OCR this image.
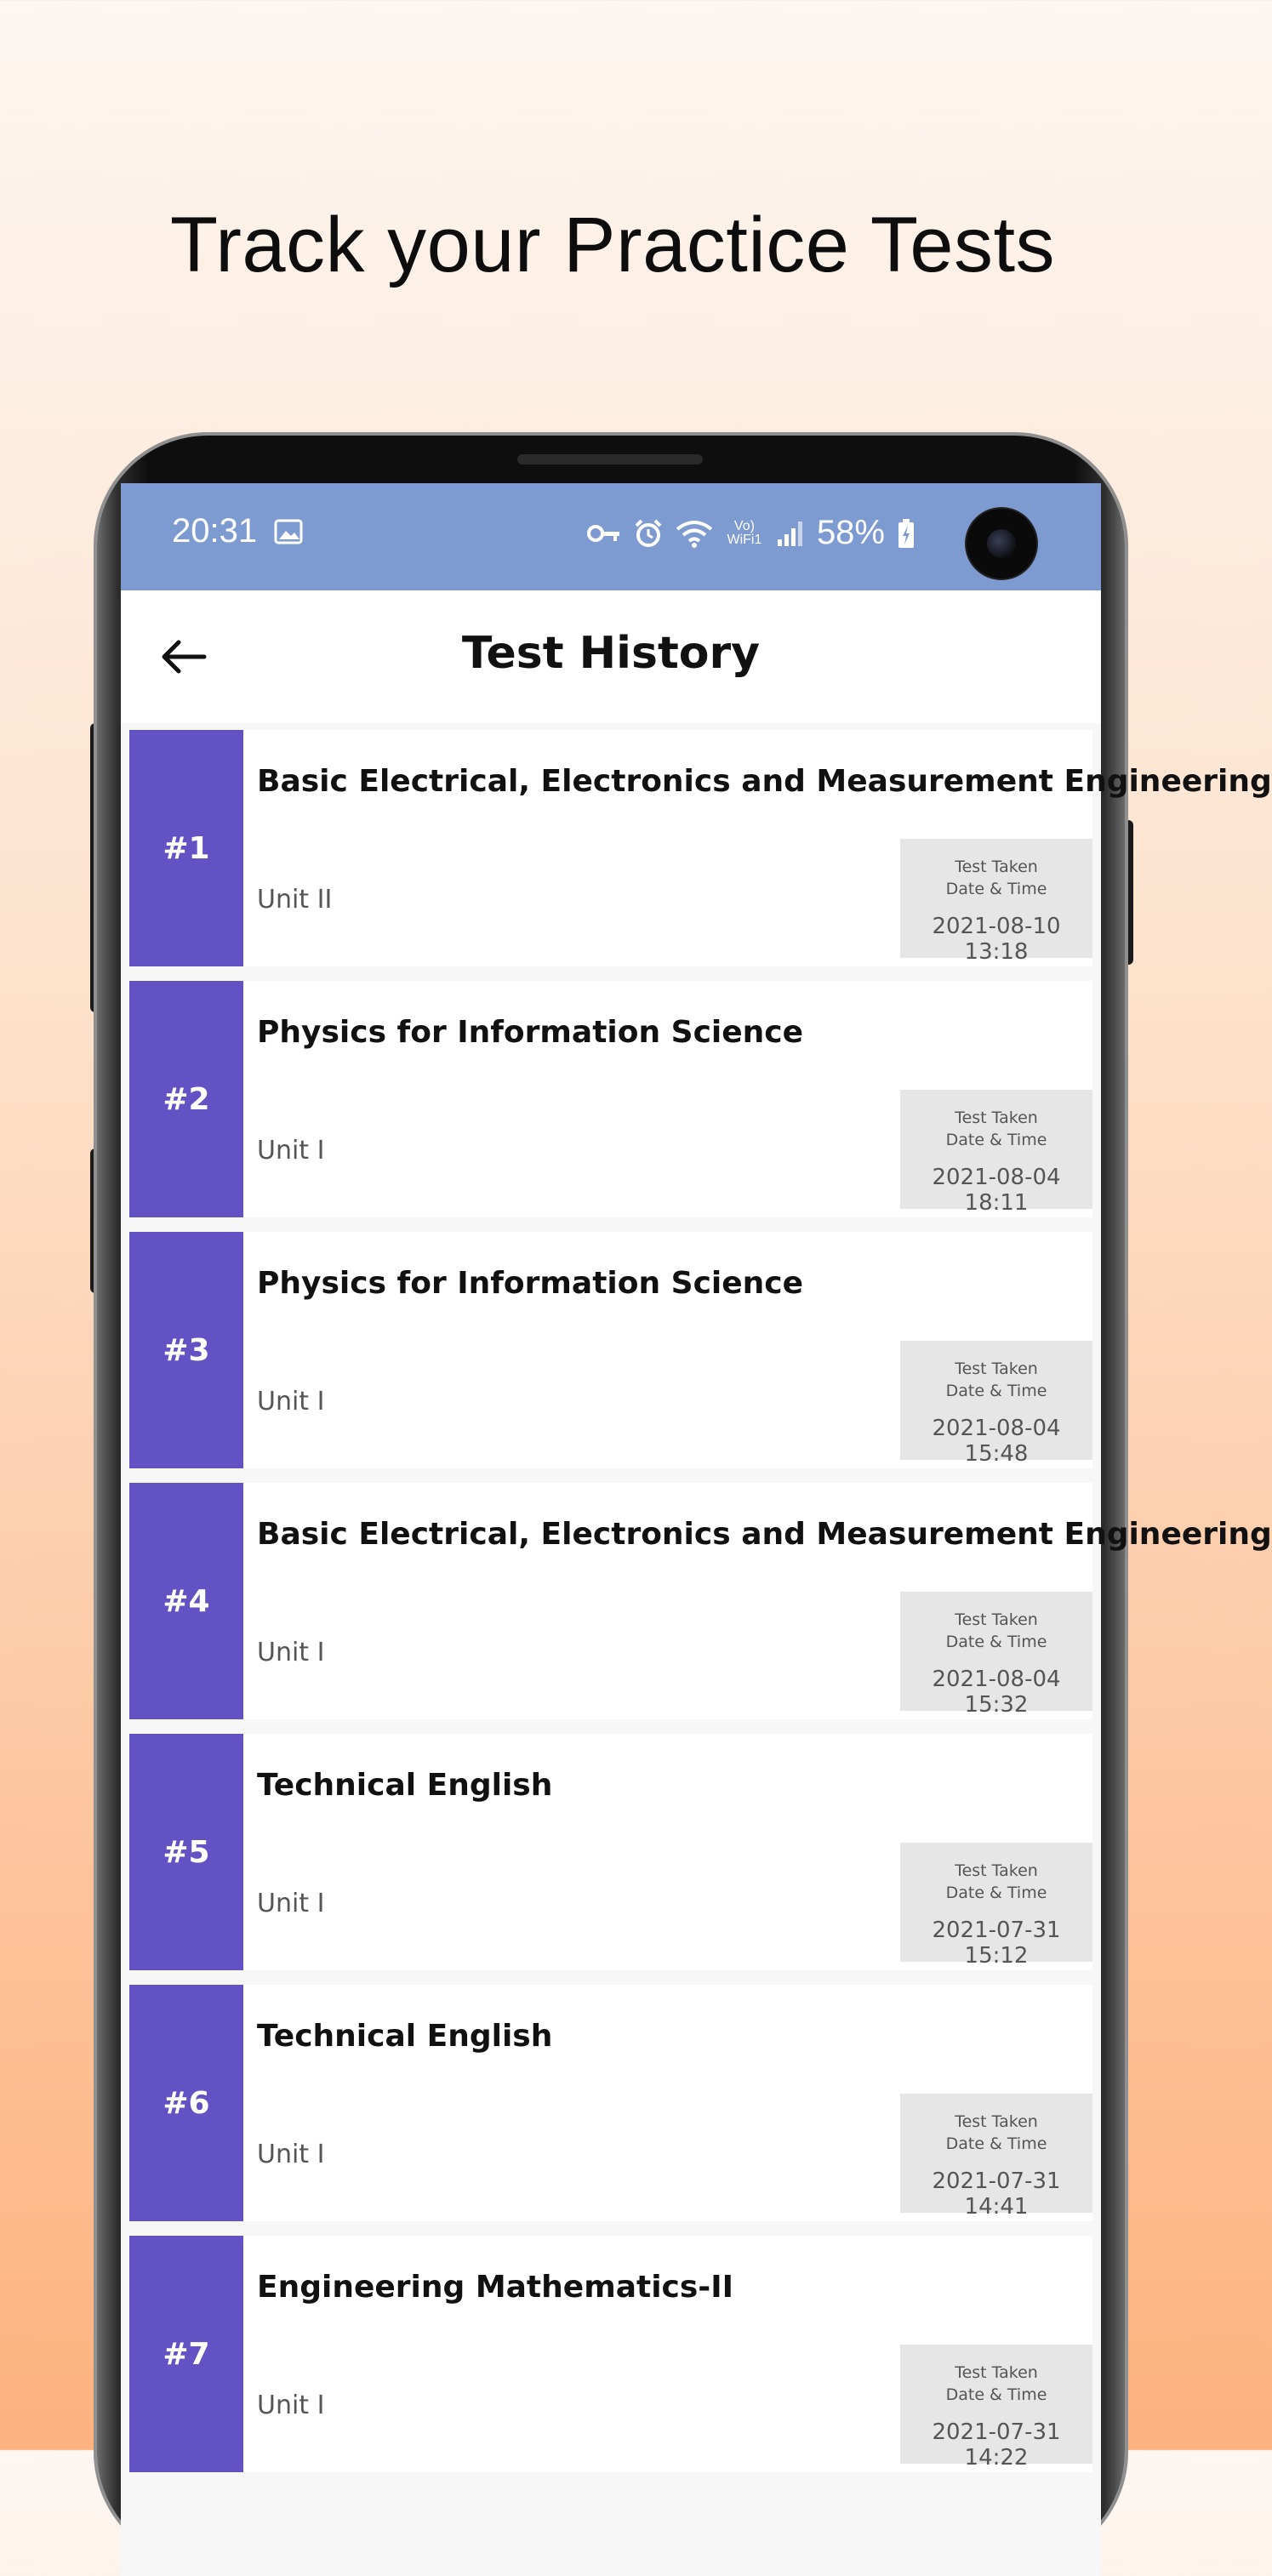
Track your Practice Tests
20:31	Vo) WiFi1 58%
Test History
#1
Basic Electrical, Electronics and Measurement Engineering
Unit II
Test Taken
Date & Time
2021-08-10 13:18
#2
Physics for Information Science
Unit I
Test Taken
Date & Time
2021-08-04 18:11
#3
Physics for Information Science
Unit I
Test Taken
Date & Time
2021-08-04 15:48
#4
Basic Electrical, Electronics and Measurement Engineering
Unit I
Test Taken
Date & Time
2021-08-04 15:32
#5
Technical English
Unit I
Test Taken
Date & Time
2021-07-31 15:12
#6
Technical English
Unit I
Test Taken
Date & Time
2021-07-31 14:41
#7
Engineering Mathematics-II
Unit I
Test Taken
Date & Time
2021-07-31 14:22
